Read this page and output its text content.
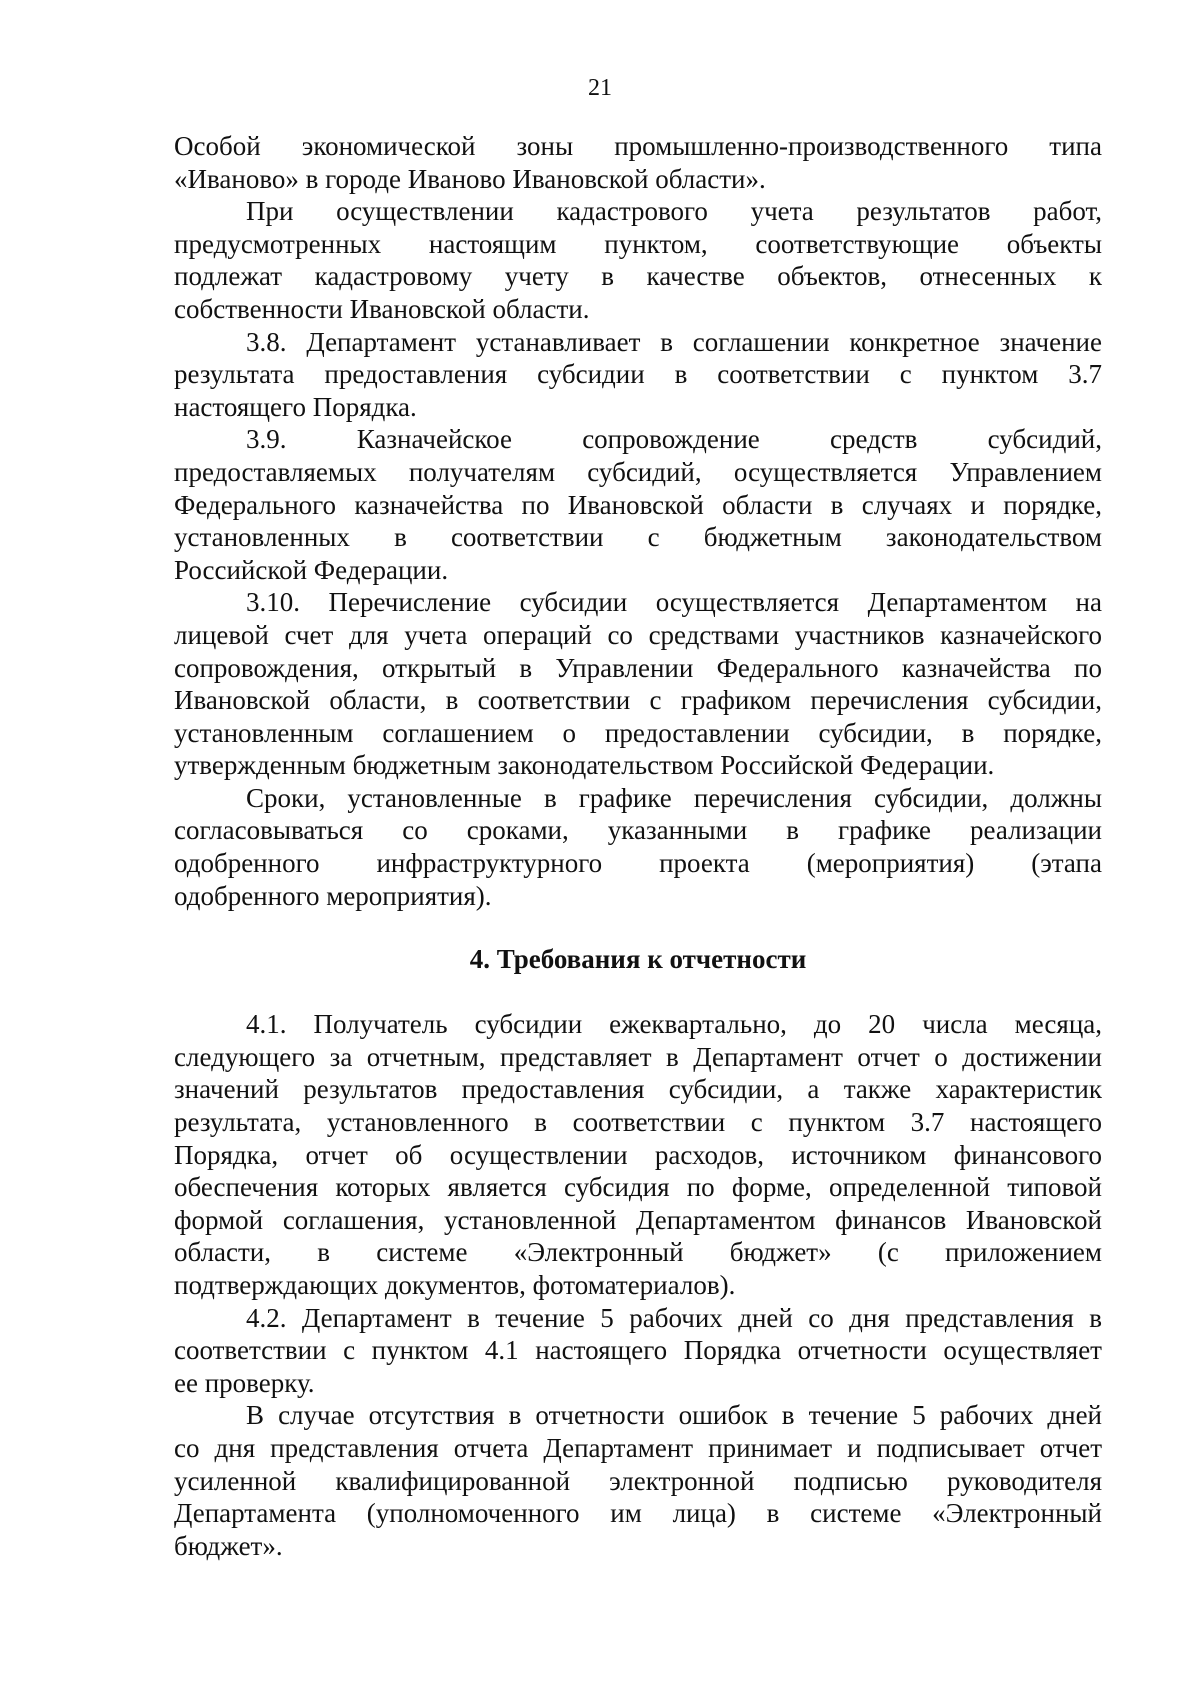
21

Особой экономической зоны промышленно-производственного типа

«Иваново» в городе Иваново Ивановской области».

При осуществлении кадастрового учета результатов работ,

предусмотренных настоящим пунктом, соответствующие объекты

подлежат кадастровому учету в качестве объектов, отнесенных к

собственности Ивановской области.

3.8. Департамент устанавливает в соглашении конкретное значение

результата предоставления субсидии в соответствии с пунктом 3.7

настоящего Порядка.

3.9. Казначейское сопровождение средств субсидий,

предоставляемых получателям субсидий, осуществляется Управлением

Федерального казначейства по Ивановской области в случаях и порядке,

установленных в соответствии с бюджетным законодательством

Российской Федерации.

3.10. Перечисление субсидии осуществляется Департаментом на

лицевой счет для учета операций со средствами участников казначейского

сопровождения, открытый в Управлении Федерального казначейства по

Ивановской области, в соответствии с графиком перечисления субсидии,

установленным соглашением о предоставлении субсидии, в порядке,

утвержденным бюджетным законодательством Российской Федерации.

Сроки, установленные в графике перечисления субсидии, должны

согласовываться со сроками, указанными в графике реализации

одобренного инфраструктурного проекта (мероприятия) (этапа

одобренного мероприятия).

4. Требования к отчетности

4.1. Получатель субсидии ежеквартально, до 20 числа месяца,

следующего за отчетным, представляет в Департамент отчет о достижении

значений результатов предоставления субсидии, а также характеристик

результата, установленного в соответствии с пунктом 3.7 настоящего

Порядка, отчет об осуществлении расходов, источником финансового

обеспечения которых является субсидия по форме, определенной типовой

формой соглашения, установленной Департаментом финансов Ивановской

области, в системе «Электронный бюджет» (с приложением

подтверждающих документов, фотоматериалов).

4.2. Департамент в течение 5 рабочих дней со дня представления в

соответствии с пунктом 4.1 настоящего Порядка отчетности осуществляет

ее проверку.

В случае отсутствия в отчетности ошибок в течение 5 рабочих дней

со дня представления отчета Департамент принимает и подписывает отчет

усиленной квалифицированной электронной подписью руководителя

Департамента (уполномоченного им лица) в системе «Электронный

бюджет».
